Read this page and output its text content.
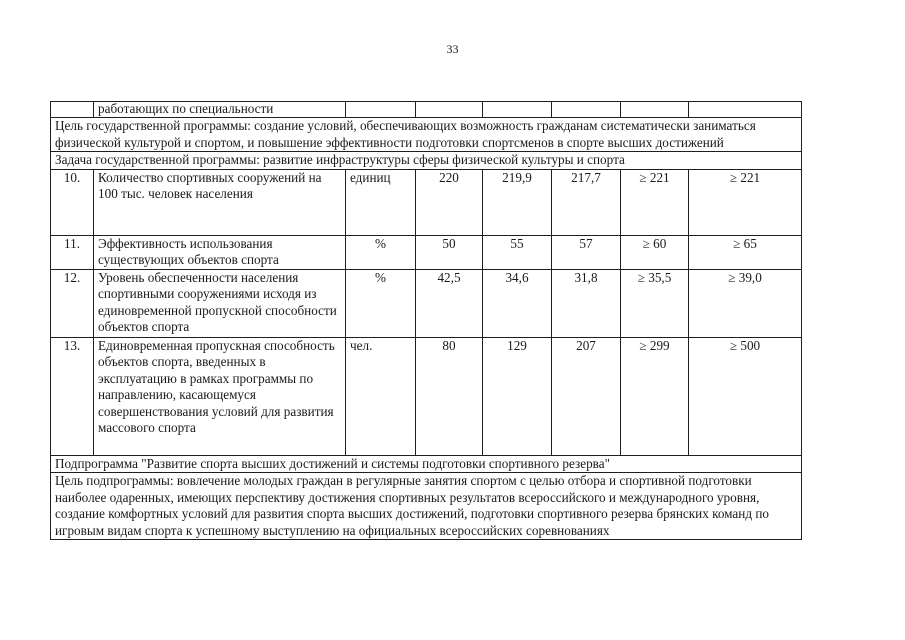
33
	работающих по специальности						
Цель государственной программы: создание условий, обеспечивающих возможность гражданам систематически заниматься физической культурой и спортом, и повышение эффективности подготовки спортсменов в спорте высших достижений							
Задача государственной программы: развитие инфраструктуры сферы физической культуры и спорта							
10.	Количество спортивных сооружений на 100 тыс. человек населения	единиц	220	219,9	217,7	≥ 221	≥ 221
11.	Эффективность использования существующих объектов спорта	%	50	55	57	≥ 60	≥ 65
12.	Уровень обеспеченности населения спортивными сооружениями исходя из единовременной пропускной способности объектов спорта	%	42,5	34,6	31,8	≥ 35,5	≥ 39,0
13.	Единовременная пропускная способность объектов спорта, введенных в эксплуатацию в рамках программы по направлению, касающемуся совершенствования условий для развития массового спорта	чел.	80	129	207	≥ 299	≥ 500
Подпрограмма "Развитие спорта высших достижений и системы подготовки спортивного резерва"							
Цель подпрограммы: вовлечение молодых граждан в регулярные занятия спортом с целью отбора и спортивной подготовки наиболее одаренных, имеющих перспективу достижения спортивных результатов всероссийского и международного уровня, создание комфортных условий для развития спорта высших достижений, подготовки спортивного резерва брянских команд по игровым видам спорта к успешному выступлению на официальных всероссийских соревнованиях							
